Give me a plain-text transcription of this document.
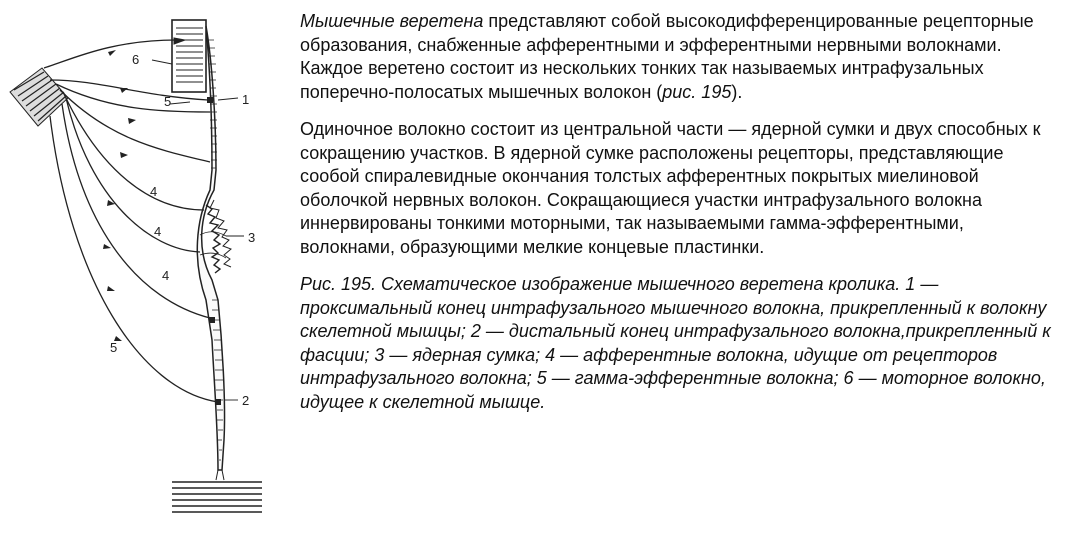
1
2
3
4
4
4
5
5
6

Мышечные веретена представляют собой высокодифференцированные рецепторные образования, снабженные афферентными и эфферентными нервными волокнами. Каждое веретено состоит из нескольких тонких так называемых интрафузальных поперечно-полосатых мышечных волокон (рис. 195).

Одиночное волокно состоит из центральной части — ядерной сумки и двух способных к сокращению участков. В ядерной сумке расположены рецепторы, представляющие сообой спиралевидные окончания толстых афферентных покрытых миелиновой оболочкой нервных волокон. Сокращающиеся участки интрафузального волокна иннервированы тонкими моторными, так называемыми гамма-эфферентными, волокнами, образующими мелкие концевые пластинки.

Рис. 195. Схематическое изображение мышечного веретена кролика. 1 — проксимальный конец интрафузального мышечного волокна, прикрепленный к волокну скелетной мышцы; 2 — дистальный конец интрафузального волокна,прикрепленный к фасции; 3 — ядерная сумка; 4 — афферентные волокна, идущие от рецепторов интрафузального волокна; 5 — гамма-эфферентные волокна; 6 — моторное волокно, идущее к скелетной мышце.
